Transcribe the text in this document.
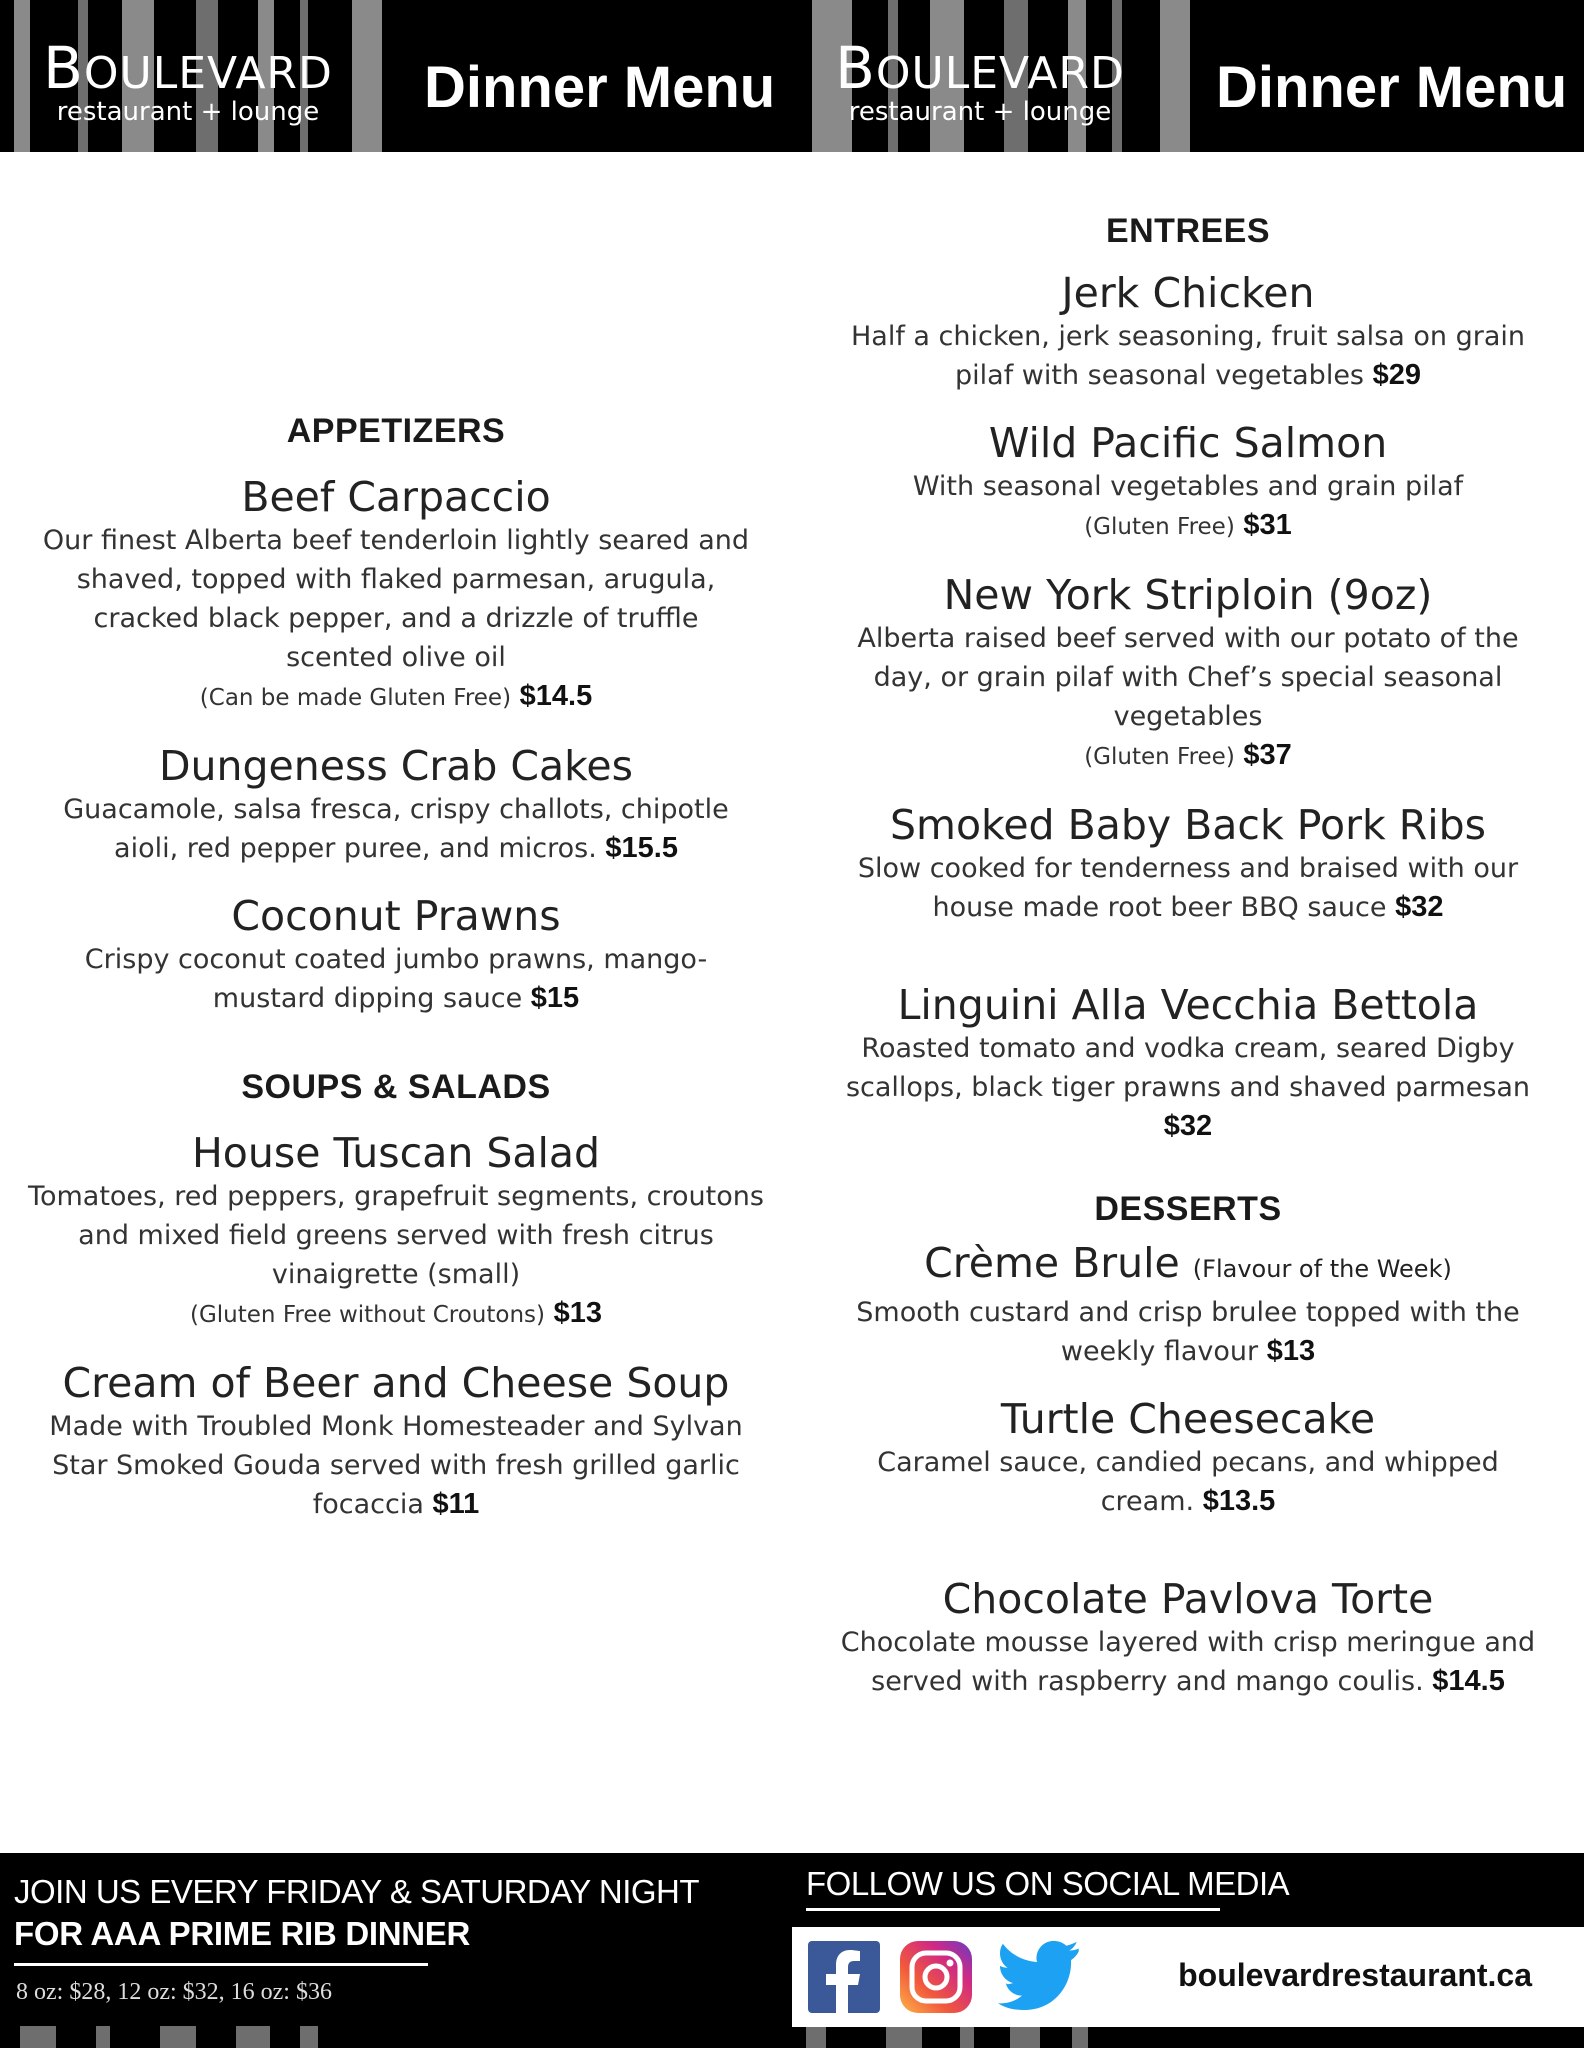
BOULEVARD
restaurant + lounge	Dinner Menu BOULEVARD
restaurant + lounge	Dinner Menu
APPETIZERS
Beef Carpaccio
Our finest Alberta beef tenderloin lightly seared and shaved, topped with flaked parmesan, arugula, cracked black pepper, and a drizzle of truffle scented olive oil
(Can be made Gluten Free) $14.5
Dungeness Crab Cakes
Guacamole, salsa fresca, crispy challots, chipotle aioli, red pepper puree, and micros. $15.5
Coconut Prawns
Crispy coconut coated jumbo prawns, mango-mustard dipping sauce $15
SOUPS & SALADS
House Tuscan Salad
Tomatoes, red peppers, grapefruit segments, croutons and mixed field greens served with fresh citrus vinaigrette (small)
(Gluten Free without Croutons) $13
Cream of Beer and Cheese Soup
Made with Troubled Monk Homesteader and Sylvan Star Smoked Gouda served with fresh grilled garlic focaccia $11
ENTREES
Jerk Chicken
Half a chicken, jerk seasoning, fruit salsa on grain pilaf with seasonal vegetables $29
Wild Pacific Salmon
With seasonal vegetables and grain pilaf
(Gluten Free) $31
New York Striploin (9oz)
Alberta raised beef served with our potato of the day, or grain pilaf with Chef’s special seasonal vegetables
(Gluten Free) $37
Smoked Baby Back Pork Ribs
Slow cooked for tenderness and braised with our house made root beer BBQ sauce $32
Linguini Alla Vecchia Bettola
Roasted tomato and vodka cream, seared Digby scallops, black tiger prawns and shaved parmesan
$32
DESSERTS
Crème Brule (Flavour of the Week)
Smooth custard and crisp brulee topped with the weekly flavour $13
Turtle Cheesecake
Caramel sauce, candied pecans, and whipped cream. $13.5
Chocolate Pavlova Torte
Chocolate mousse layered with crisp meringue and served with raspberry and mango coulis. $14.5
JOIN US EVERY FRIDAY & SATURDAY NIGHT
FOR AAA PRIME RIB DINNER
8 oz: $28, 12 oz: $32, 16 oz: $36
FOLLOW US ON SOCIAL MEDIA
boulevardrestaurant.ca
